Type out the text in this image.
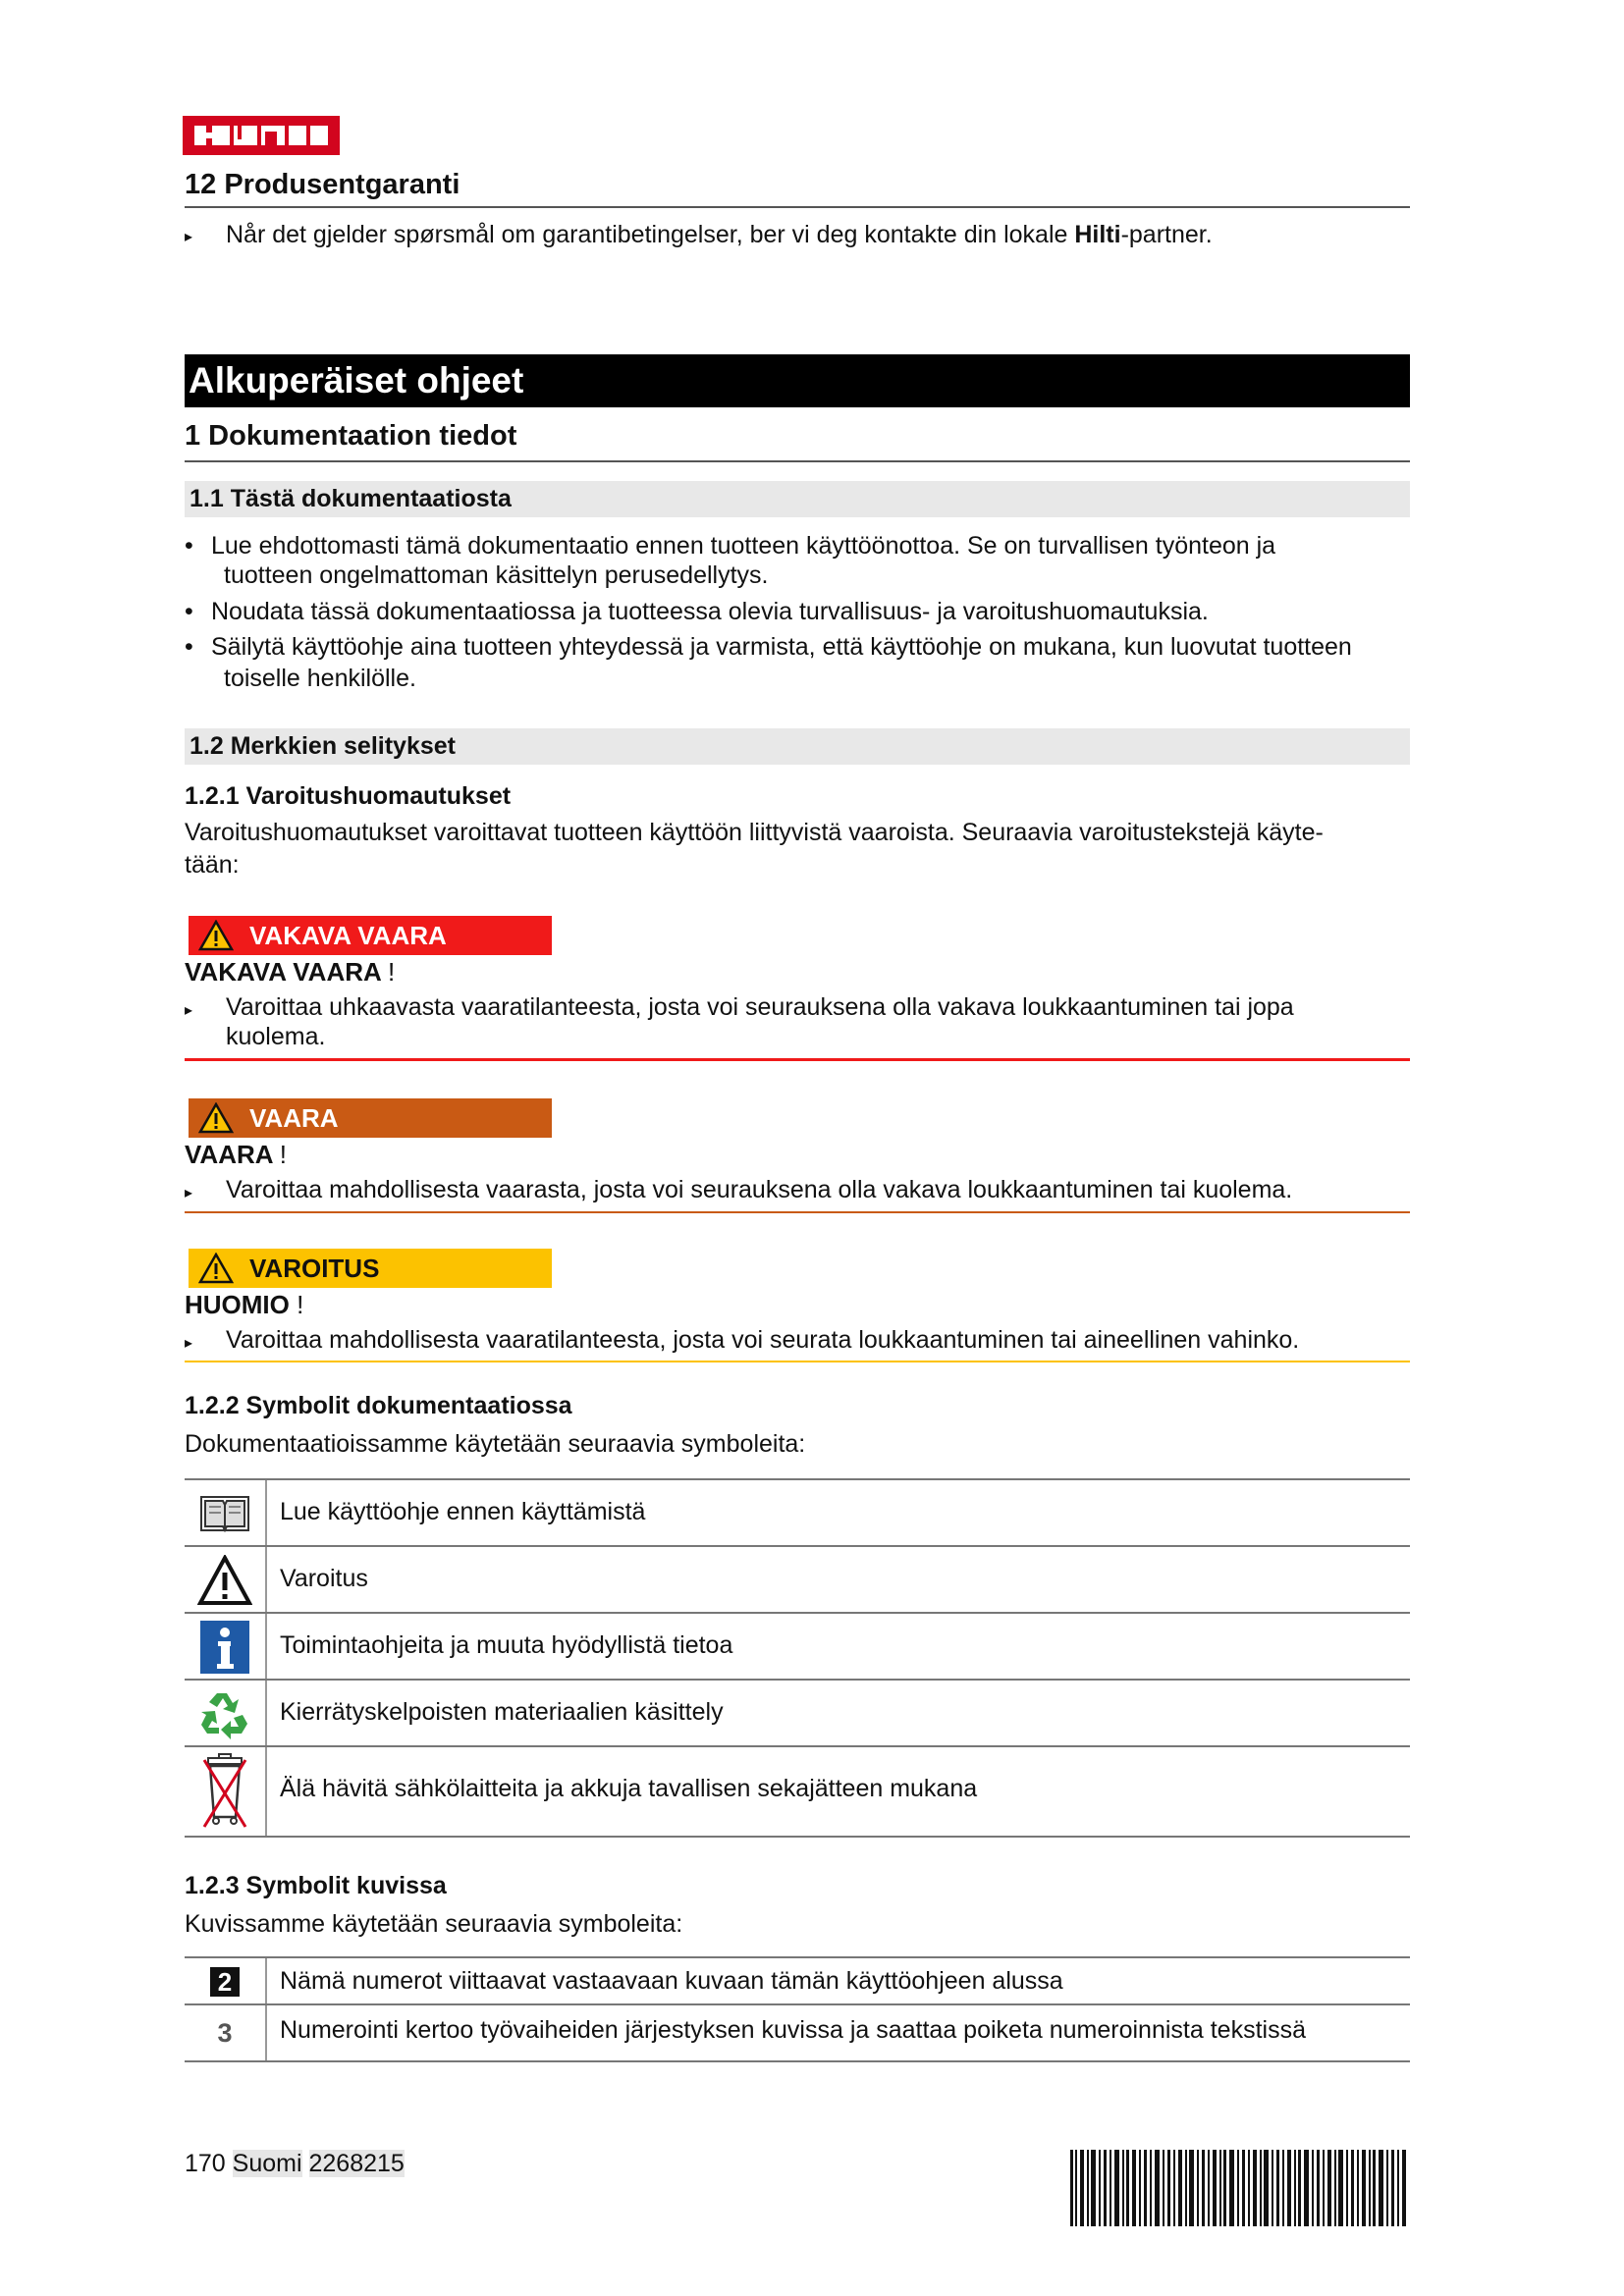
12 Produsentgaranti
▸ Når det gjelder spørsmål om garantibetingelser, ber vi deg kontakte din lokale Hilti-partner.
Alkuperäiset ohjeet
1 Dokumentaation tiedot
1.1 Tästä dokumentaatiosta
• Lue ehdottomasti tämä dokumentaatio ennen tuotteen käyttöönottoa. Se on turvallisen työnteon ja
tuotteen ongelmattoman käsittelyn perusedellytys.
• Noudata tässä dokumentaatiossa ja tuotteessa olevia turvallisuus- ja varoitushuomautuksia.
• Säilytä käyttöohje aina tuotteen yhteydessä ja varmista, että käyttöohje on mukana, kun luovutat tuotteen
toiselle henkilölle.
1.2 Merkkien selitykset
1.2.1 Varoitushuomautukset
Varoitushuomautukset varoittavat tuotteen käyttöön liittyvistä vaaroista. Seuraavia varoitustekstejä käyte-
tään:
VAKAVA VAARA
VAKAVA VAARA !
▸ Varoittaa uhkaavasta vaaratilanteesta, josta voi seurauksena olla vakava loukkaantuminen tai jopa
kuolema.
VAARA
VAARA !
▸ Varoittaa mahdollisesta vaarasta, josta voi seurauksena olla vakava loukkaantuminen tai kuolema.
VAROITUS
HUOMIO !
▸ Varoittaa mahdollisesta vaaratilanteesta, josta voi seurata loukkaantuminen tai aineellinen vahinko.
1.2.2 Symbolit dokumentaatiossa
Dokumentaatioissamme käytetään seuraavia symboleita:
Lue käyttöohje ennen käyttämistä
Varoitus
Toimintaohjeita ja muuta hyödyllistä tietoa
Kierrätyskelpoisten materiaalien käsittely
Älä hävitä sähkölaitteita ja akkuja tavallisen sekajätteen mukana
1.2.3 Symbolit kuvissa
Kuvissamme käytetään seuraavia symboleita:
2	Nämä numerot viittaavat vastaavaan kuvaan tämän käyttöohjeen alussa
3 Numerointi kertoo työvaiheiden järjestyksen kuvissa ja saattaa poiketa numeroinnista tekstissä
170 Suomi 2268215
